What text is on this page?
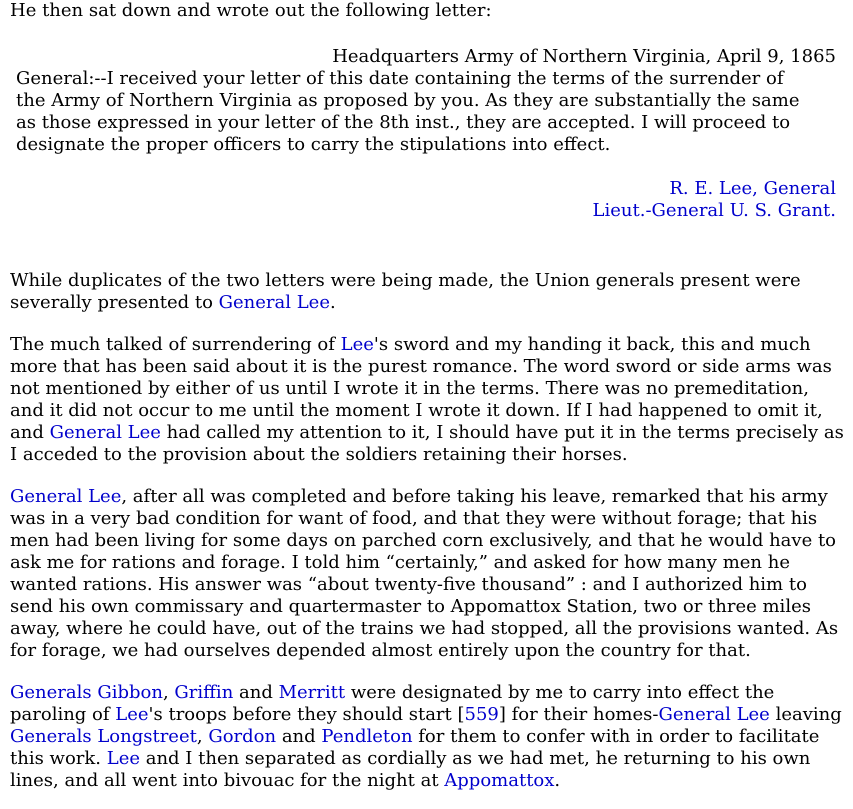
He then sat down and wrote out the following letter:

Headquarters Army of Northern Virginia, April 9, 1865
General:--I received your letter of this date containing the terms of the surrender of the Army of Northern Virginia as proposed by you. As they are substantially the same as those expressed in your letter of the 8th inst., they are accepted. I will proceed to designate the proper officers to carry the stipulations into effect.
R. E. Lee, General
Lieut.-General U. S. Grant.

While duplicates of the two letters were being made, the Union generals present were severally presented to General Lee.

The much talked of surrendering of Lee's sword and my handing it back, this and much more that has been said about it is the purest romance. The word sword or side arms was not mentioned by either of us until I wrote it in the terms. There was no premeditation, and it did not occur to me until the moment I wrote it down. If I had happened to omit it, and General Lee had called my attention to it, I should have put it in the terms precisely as I acceded to the provision about the soldiers retaining their horses.

General Lee, after all was completed and before taking his leave, remarked that his army was in a very bad condition for want of food, and that they were without forage; that his men had been living for some days on parched corn exclusively, and that he would have to ask me for rations and forage. I told him “certainly,” and asked for how many men he wanted rations. His answer was “about twenty-five thousand” : and I authorized him to send his own commissary and quartermaster to Appomattox Station, two or three miles away, where he could have, out of the trains we had stopped, all the provisions wanted. As for forage, we had ourselves depended almost entirely upon the country for that.

Generals Gibbon, Griffin and Merritt were designated by me to carry into effect the paroling of Lee's troops before they should start [559] for their homes-General Lee leaving Generals Longstreet, Gordon and Pendleton for them to confer with in order to facilitate this work. Lee and I then separated as cordially as we had met, he returning to his own lines, and all went into bivouac for the night at Appomattox.
